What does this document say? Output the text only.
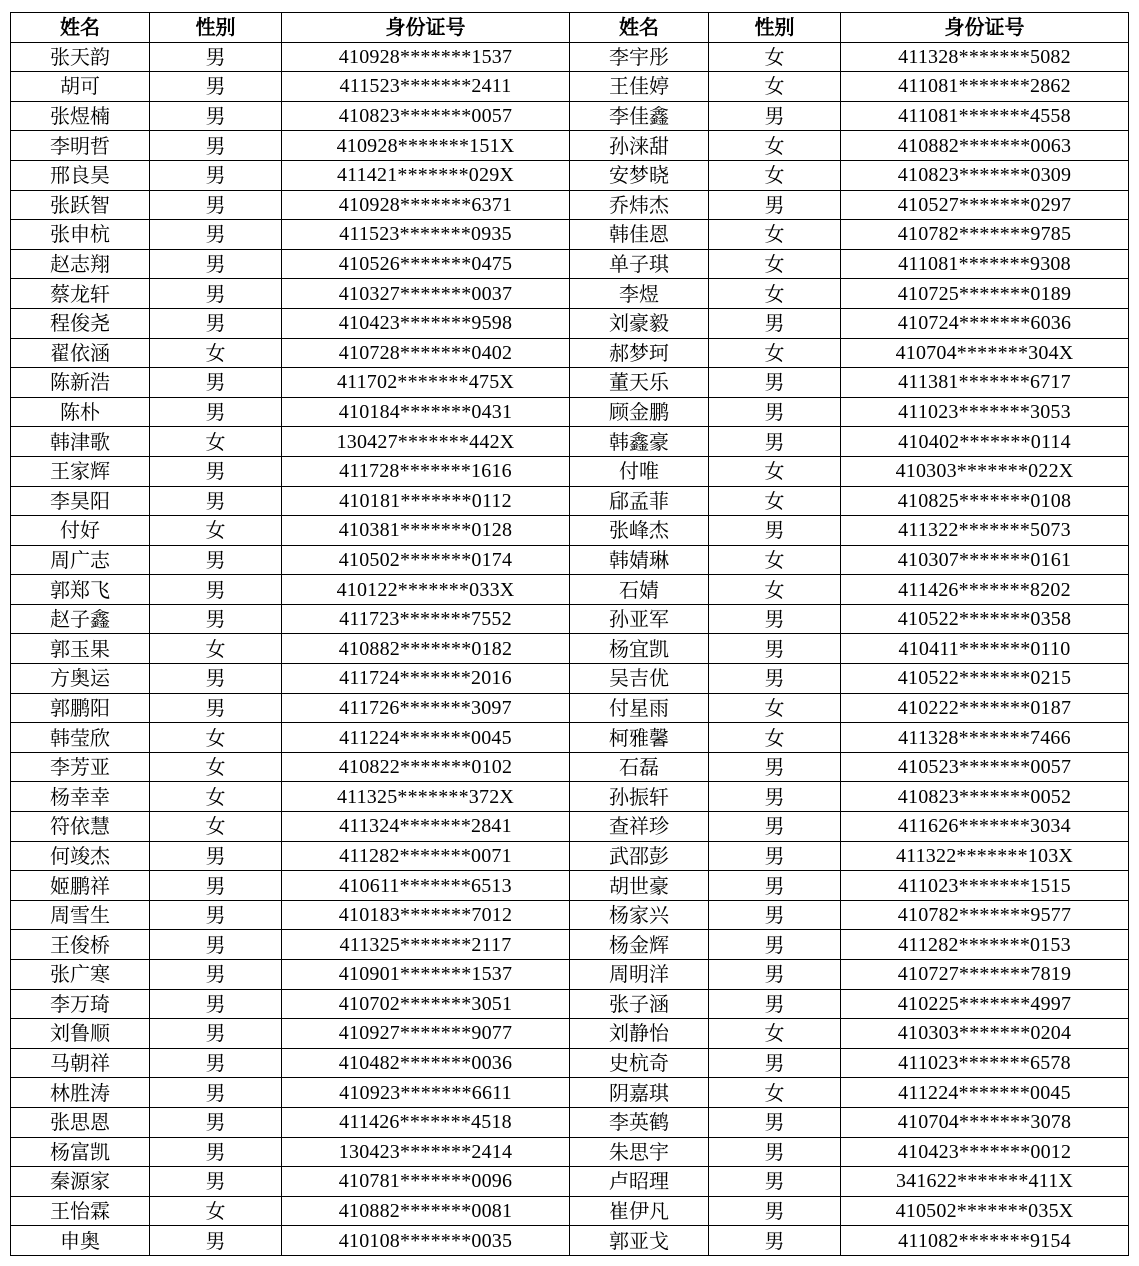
姓名	性别	身份证号	姓名	性别	身份证号
张天韵	男	410928*******1537	李宇彤	女	411328*******5082
胡可	男	411523*******2411	王佳婷	女	411081*******2862
张煜楠	男	410823*******0057	李佳鑫	男	411081*******4558
李明哲	男	410928*******151X	孙涞甜	女	410882*******0063
邢良昊	男	411421*******029X	安梦晓	女	410823*******0309
张跃智	男	410928*******6371	乔炜杰	男	410527*******0297
张申杭	男	411523*******0935	韩佳恩	女	410782*******9785
赵志翔	男	410526*******0475	单子琪	女	411081*******9308
蔡龙轩	男	410327*******0037	李煜	女	410725*******0189
程俊尧	男	410423*******9598	刘豪毅	男	410724*******6036
翟依涵	女	410728*******0402	郝梦珂	女	410704*******304X
陈新浩	男	411702*******475X	董天乐	男	411381*******6717
陈朴	男	410184*******0431	顾金鹏	男	411023*******3053
韩津歌	女	130427*******442X	韩鑫豪	男	410402*******0114
王家辉	男	411728*******1616	付唯	女	410303*******022X
李昊阳	男	410181*******0112	郈孟菲	女	410825*******0108
付好	女	410381*******0128	张峰杰	男	411322*******5073
周广志	男	410502*******0174	韩婧琳	女	410307*******0161
郭郑飞	男	410122*******033X	石婧	女	411426*******8202
赵子鑫	男	411723*******7552	孙亚军	男	410522*******0358
郭玉果	女	410882*******0182	杨宜凯	男	410411*******0110
方奥运	男	411724*******2016	吴吉优	男	410522*******0215
郭鹏阳	男	411726*******3097	付星雨	女	410222*******0187
韩莹欣	女	411224*******0045	柯雅馨	女	411328*******7466
李芳亚	女	410822*******0102	石磊	男	410523*******0057
杨幸幸	女	411325*******372X	孙振轩	男	410823*******0052
符依慧	女	411324*******2841	查祥珍	男	411626*******3034
何竣杰	男	411282*******0071	武邵彭	男	411322*******103X
姬鹏祥	男	410611*******6513	胡世豪	男	411023*******1515
周雪生	男	410183*******7012	杨家兴	男	410782*******9577
王俊桥	男	411325*******2117	杨金辉	男	411282*******0153
张广寒	男	410901*******1537	周明洋	男	410727*******7819
李万琦	男	410702*******3051	张子涵	男	410225*******4997
刘鲁顺	男	410927*******9077	刘静怡	女	410303*******0204
马朝祥	男	410482*******0036	史杭奇	男	411023*******6578
林胜涛	男	410923*******6611	阴嘉琪	女	411224*******0045
张思恩	男	411426*******4518	李英鹤	男	410704*******3078
杨富凯	男	130423*******2414	朱思宇	男	410423*******0012
秦源家	男	410781*******0096	卢昭理	男	341622*******411X
王怡霖	女	410882*******0081	崔伊凡	男	410502*******035X
申奥	男	410108*******0035	郭亚戈	男	411082*******9154
